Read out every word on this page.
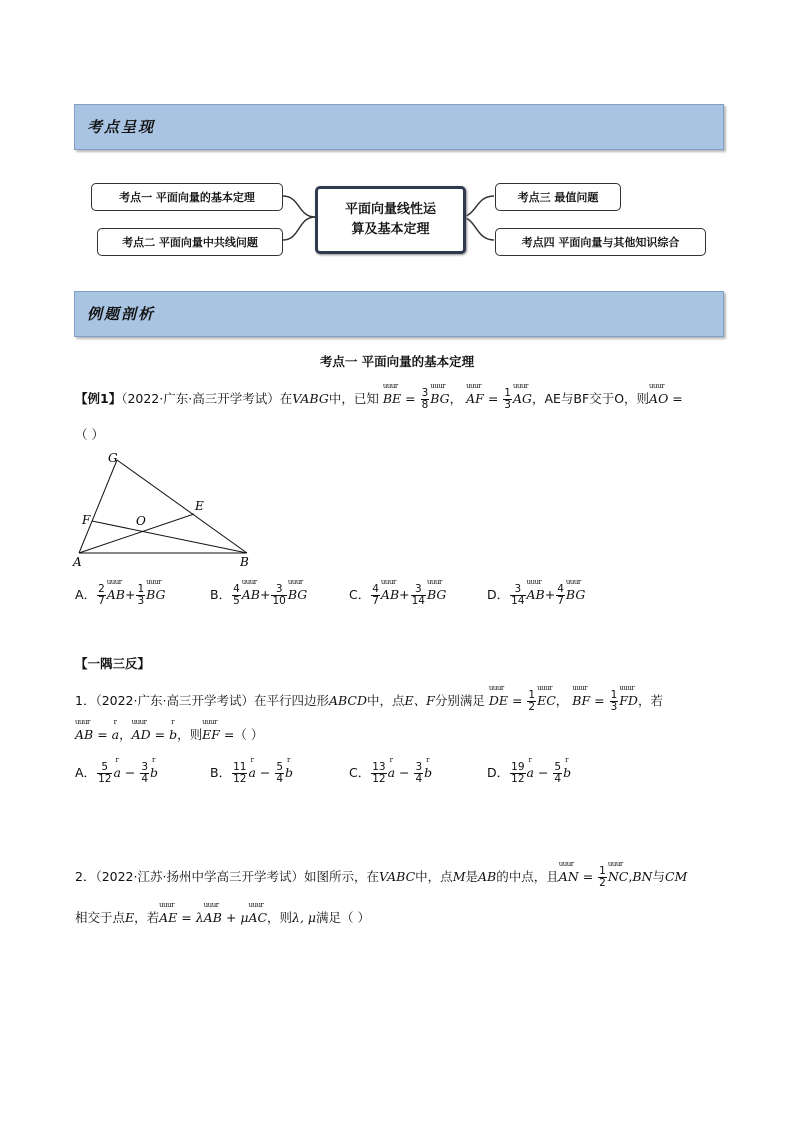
考点呈现
例题剖析
考点一 平面向量的基本定理
考点二 平面向量中共线问题
平面向量线性运
算及基本定理
考点三 最值问题
考点四 平面向量与其他知识综合
考点一 平面向量的基本定理
【例1】（2022·广东·高三开学考试）在VABG中，已知 uuur BE = $\frac{3}{8}$ uuur BG， uuur AF = $\frac{1}{3}$ uuur AG，AE与BF交于O，则uuur AO =
（ ）
G
E
F	O
A	B
A． $\frac{2}{7}$ uuur $AB+ \frac{1}{3}$ uuur BG	B． $\frac{4}{5}$ uuur $AB+ \frac{3}{10}$ uuur BG	C． $\frac{4}{7}$ uuur $AB+ \frac{3}{14}$ uuur BG	D． $\frac{3}{14}$ uuur $AB+ \frac{4}{7}$ uuur BG
【一隅三反】
1．（2022·广东·高三开学考试）在平行四边形ABCD中，点E、F分别满足 uuur DE = $\frac{1}{2}$ uuur EC， uuur BF = $\frac{1}{3}$ uuur FD，若
uuur AB = r a，uuur AD = r b，则uuur EF =（ ）
A． $\frac{5}{12}$ r $a - \frac{3}{4}$ r b	B． $\frac{11}{12}$ r $a - \frac{5}{4}$ r b	C． $\frac{13}{12}$ r $a - \frac{3}{4}$ r b	D． $\frac{19}{12}$ r $a - \frac{5}{4}$ r b
2．（2022·江苏·扬州中学高三开学考试）如图所示，在VABC中，点M是AB的中点，且uuur AN = $\frac{1}{2}$ uuur NC,BN与CM
相交于点E，若uuur AE = λuuur AB + μuuur AC，则λ, μ满足（ ）
